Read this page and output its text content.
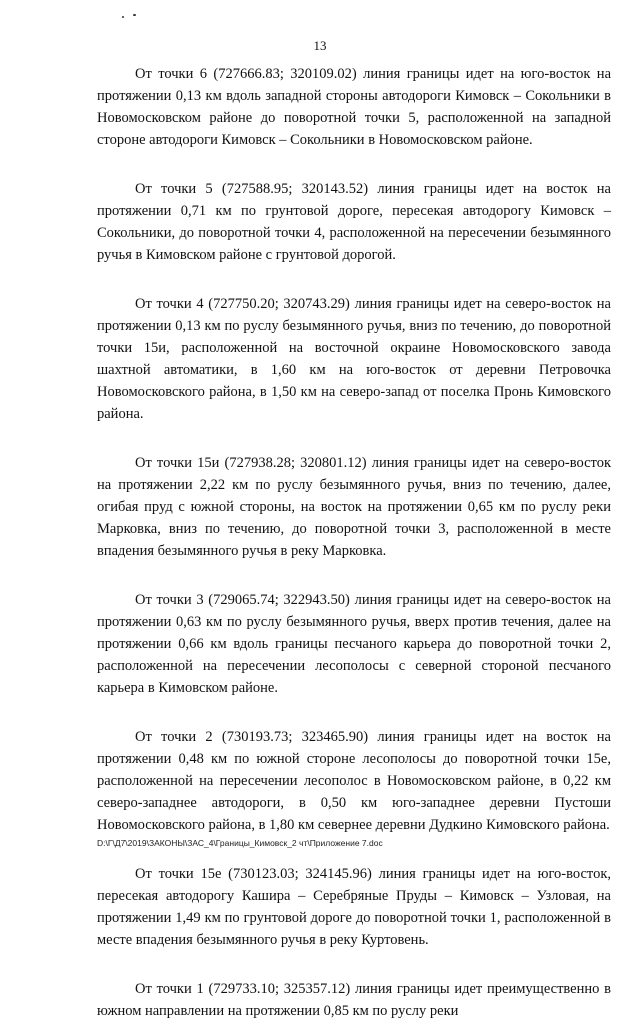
13

От точки 6 (727666.83; 320109.02) линия границы идет на юго-восток на протяжении 0,13 км вдоль западной стороны автодороги Кимовск – Сокольники в Новомосковском районе до поворотной точки 5, расположенной на западной стороне автодороги Кимовск – Сокольники в Новомосковском районе.

От точки 5 (727588.95; 320143.52) линия границы идет на восток на протяжении 0,71 км по грунтовой дороге, пересекая автодорогу Кимовск – Сокольники, до поворотной точки 4, расположенной на пересечении безымянного ручья в Кимовском районе с грунтовой дорогой.

От точки 4 (727750.20; 320743.29) линия границы идет на северо-восток на протяжении 0,13 км по руслу безымянного ручья, вниз по течению, до поворотной точки 15и, расположенной на восточной окраине Новомосковского завода шахтной автоматики, в 1,60 км на юго-восток от деревни Петровочка Новомосковского района, в 1,50 км на северо-запад от поселка Пронь Кимовского района.

От точки 15и (727938.28; 320801.12) линия границы идет на северо-восток на протяжении 2,22 км по руслу безымянного ручья, вниз по течению, далее, огибая пруд с южной стороны, на восток на протяжении 0,65 км по руслу реки Марковка, вниз по течению, до поворотной точки 3, расположенной в месте впадения безымянного ручья в реку Марковка.

От точки 3 (729065.74; 322943.50) линия границы идет на северо-восток на протяжении 0,63 км по руслу безымянного ручья, вверх против течения, далее на протяжении 0,66 км вдоль границы песчаного карьера до поворотной точки 2, расположенной на пересечении лесополосы с северной стороной песчаного карьера в Кимовском районе.

От точки 2 (730193.73; 323465.90) линия границы идет на восток на протяжении 0,48 км по южной стороне лесополосы до поворотной точки 15е, расположенной на пересечении лесополос в Новомосковском районе, в 0,22 км северо-западнее автодороги, в 0,50 км юго-западнее деревни Пустоши Новомосковского района, в 1,80 км севернее деревни Дудкино Кимовского района.

От точки 15е (730123.03; 324145.96) линия границы идет на юго-восток, пересекая автодорогу Кашира – Серебряные Пруды – Кимовск – Узловая, на протяжении 1,49 км по грунтовой дороге до поворотной точки 1, расположенной в месте впадения безымянного ручья в реку Куртовень.

От точки 1 (729733.10; 325357.12) линия границы идет преимущественно в южном направлении на протяжении 0,85 км по руслу реки

D:\Г\Д7\2019\ЗАКОНЫ\ЗАС_4\Границы_Кимовск_2 чт\Приложение 7.doc
